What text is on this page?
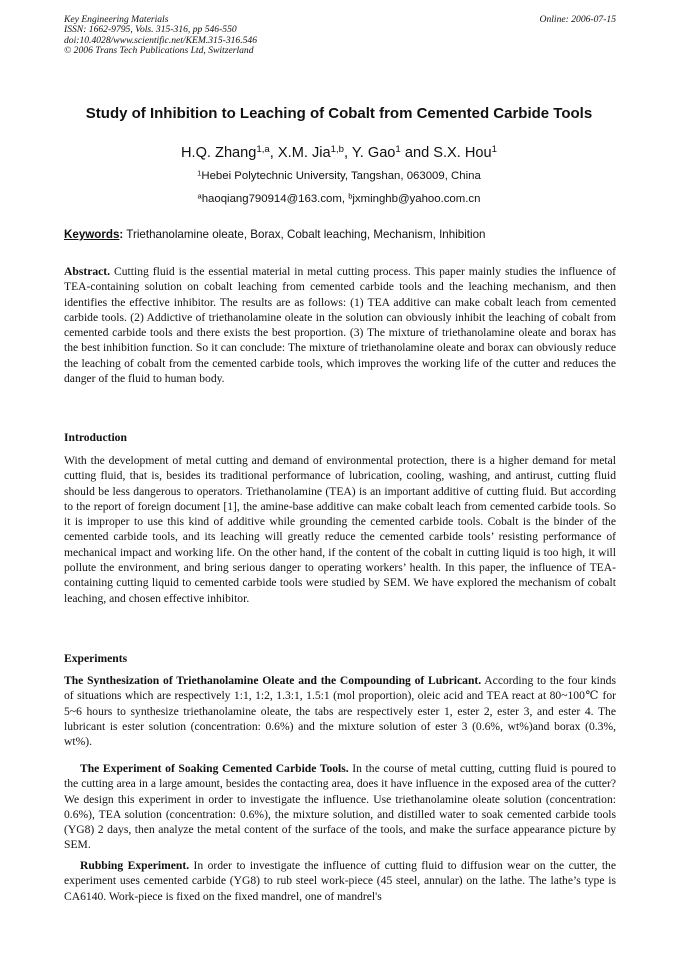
Key Engineering Materials
ISSN: 1662-9795, Vols. 315-316, pp 546-550
doi:10.4028/www.scientific.net/KEM.315-316.546
© 2006 Trans Tech Publications Ltd, Switzerland
Online: 2006-07-15
Study of Inhibition to Leaching of Cobalt from Cemented Carbide Tools
H.Q. Zhang$^{1,a}$, X.M. Jia$^{1,b}$, Y. Gao$^1$ and S.X. Hou$^1$
$^1$Hebei Polytechnic University, Tangshan, 063009, China
$^a$haoqiang790914@163.com, $^b$jxminghb@yahoo.com.cn
Keywords: Triethanolamine oleate, Borax, Cobalt leaching, Mechanism, Inhibition

Abstract. Cutting fluid is the essential material in metal cutting process. This paper mainly studies the influence of TEA-containing solution on cobalt leaching from cemented carbide tools and the leaching mechanism, and then identifies the effective inhibitor. The results are as follows: (1) TEA additive can make cobalt leach from cemented carbide tools. (2) Addictive of triethanolamine oleate in the solution can obviously inhibit the leaching of cobalt from cemented carbide tools and there exists the best proportion. (3) The mixture of triethanolamine oleate and borax has the best inhibition function. So it can conclude: The mixture of triethanolamine oleate and borax can obviously reduce the leaching of cobalt from the cemented carbide tools, which improves the working life of the cutter and reduces the danger of the fluid to human body.

Introduction

With the development of metal cutting and demand of environmental protection, there is a higher demand for metal cutting fluid, that is, besides its traditional performance of lubrication, cooling, washing, and antirust, cutting fluid should be less dangerous to operators. Triethanolamine (TEA) is an important additive of cutting fluid. But according to the report of foreign document [1], the amine-base additive can make cobalt leach from cemented carbide tools. So it is improper to use this kind of additive while grounding the cemented carbide tools. Cobalt is the binder of the cemented carbide tools, and its leaching will greatly reduce the cemented carbide tools’ resisting performance of mechanical impact and working life. On the other hand, if the content of the cobalt in cutting liquid is too high, it will pollute the environment, and bring serious danger to operating workers’ health. In this paper, the influence of TEA-containing cutting liquid to cemented carbide tools were studied by SEM. We have explored the mechanism of cobalt leaching, and chosen effective inhibitor.

Experiments

The Synthesization of Triethanolamine Oleate and the Compounding of Lubricant. According to the four kinds of situations which are respectively 1:1, 1:2, 1.3:1, 1.5:1 (mol proportion), oleic acid and TEA react at 80~100℃ for 5~6 hours to synthesize triethanolamine oleate, the tabs are respectively ester 1, ester 2, ester 3, and ester 4. The lubricant is ester solution (concentration: 0.6%) and the mixture solution of ester 3 (0.6%, wt%)and borax (0.3%, wt%).

The Experiment of Soaking Cemented Carbide Tools. In the course of metal cutting, cutting fluid is poured to the cutting area in a large amount, besides the contacting area, does it have influence in the exposed area of the cutter? We design this experiment in order to investigate the influence. Use triethanolamine oleate solution (concentration: 0.6%), TEA solution (concentration: 0.6%), the mixture solution, and distilled water to soak cemented carbide tools (YG8) 2 days, then analyze the metal content of the surface of the tools, and make the surface appearance picture by SEM.

Rubbing Experiment. In order to investigate the influence of cutting fluid to diffusion wear on the cutter, the experiment uses cemented carbide (YG8) to rub steel work-piece (45 steel, annular) on the lathe. The lathe’s type is CA6140. Work-piece is fixed on the fixed mandrel, one of mandrel's
